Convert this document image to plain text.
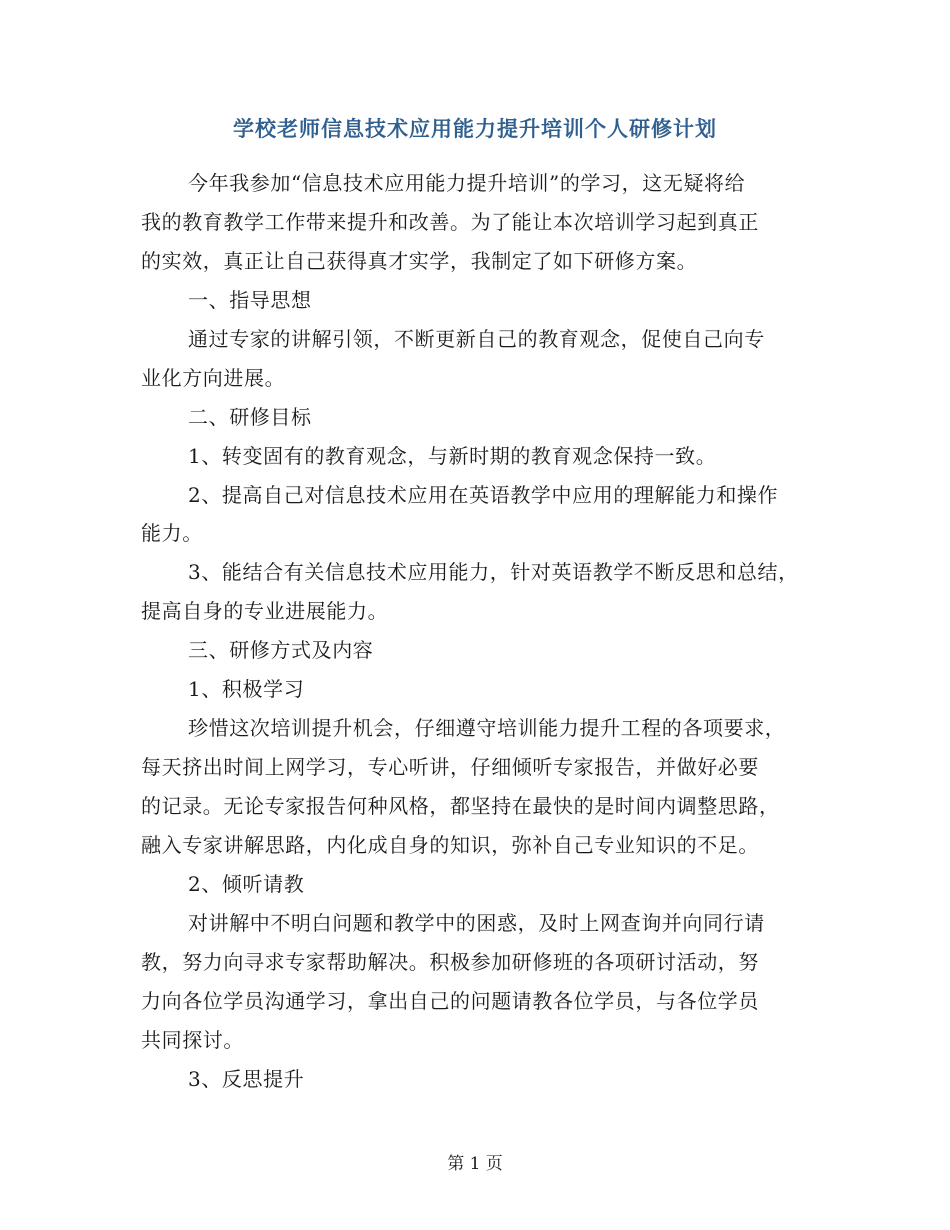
学校老师信息技术应用能力提升培训个人研修计划
今年我参加“信息技术应用能力提升培训”的学习，这无疑将给
我的教育教学工作带来提升和改善。为了能让本次培训学习起到真正
的实效，真正让自己获得真才实学，我制定了如下研修方案。
一、指导思想
通过专家的讲解引领，不断更新自己的教育观念，促使自己向专
业化方向进展。
二、研修目标
1、转变固有的教育观念，与新时期的教育观念保持一致。
2、提高自己对信息技术应用在英语教学中应用的理解能力和操作
能力。
3、能结合有关信息技术应用能力，针对英语教学不断反思和总结，
提高自身的专业进展能力。
三、研修方式及内容
1、积极学习
珍惜这次培训提升机会，仔细遵守培训能力提升工程的各项要求，
每天挤出时间上网学习，专心听讲，仔细倾听专家报告，并做好必要
的记录。无论专家报告何种风格，都坚持在最快的是时间内调整思路，
融入专家讲解思路，内化成自身的知识，弥补自己专业知识的不足。
2、倾听请教
对讲解中不明白问题和教学中的困惑，及时上网查询并向同行请
教，努力向寻求专家帮助解决。积极参加研修班的各项研讨活动，努
力向各位学员沟通学习，拿出自己的问题请教各位学员，与各位学员
共同探讨。
3、反思提升
第 1 页
